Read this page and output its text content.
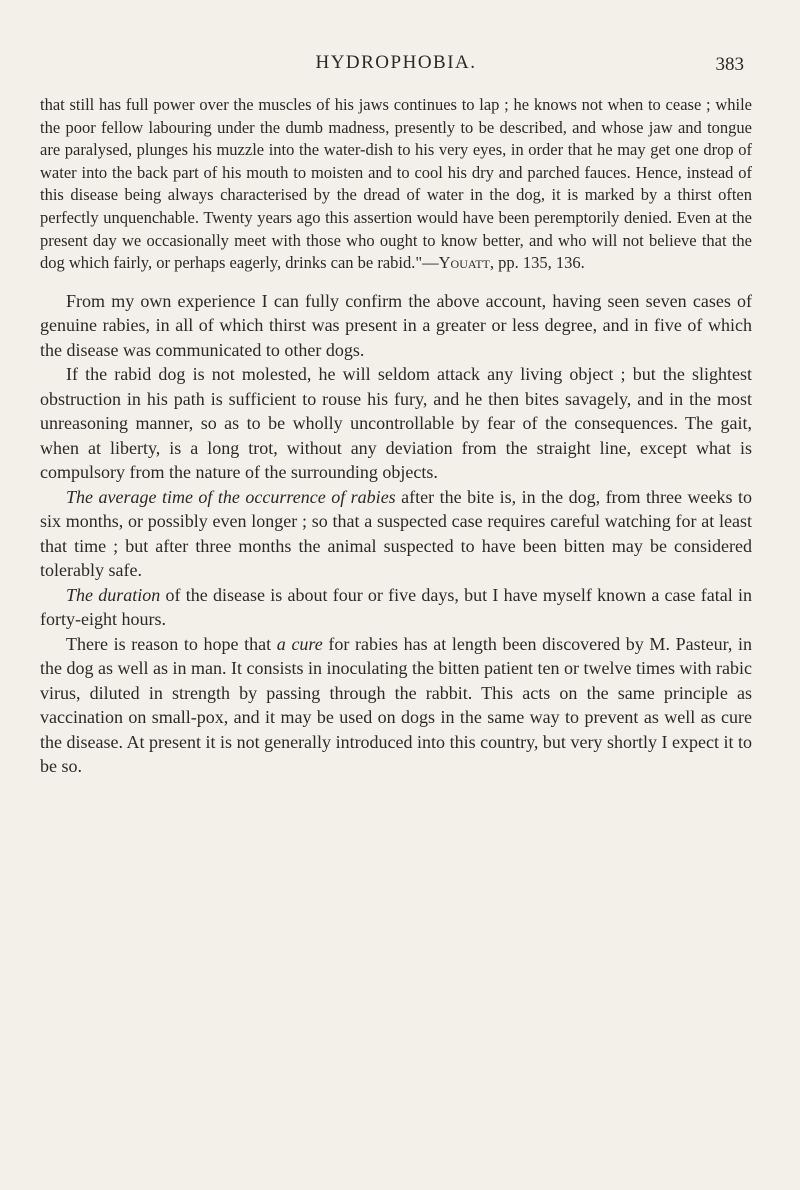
HYDROPHOBIA.	383

that still has full power over the muscles of his jaws continues to lap ; he knows not when to cease ; while the poor fellow labouring under the dumb madness, presently to be described, and whose jaw and tongue are paralysed, plunges his muzzle into the water-dish to his very eyes, in order that he may get one drop of water into the back part of his mouth to moisten and to cool his dry and parched fauces. Hence, instead of this disease being always characterised by the dread of water in the dog, it is marked by a thirst often perfectly unquenchable. Twenty years ago this assertion would have been peremptorily denied. Even at the present day we occasionally meet with those who ought to know better, and who will not believe that the dog which fairly, or perhaps eagerly, drinks can be rabid."—Youatt, pp. 135, 136.

From my own experience I can fully confirm the above account, having seen seven cases of genuine rabies, in all of which thirst was present in a greater or less degree, and in five of which the disease was communicated to other dogs.

If the rabid dog is not molested, he will seldom attack any living object ; but the slightest obstruction in his path is sufficient to rouse his fury, and he then bites savagely, and in the most unreasoning manner, so as to be wholly uncontrollable by fear of the consequences. The gait, when at liberty, is a long trot, without any deviation from the straight line, except what is compulsory from the nature of the surrounding objects.

The average time of the occurrence of rabies after the bite is, in the dog, from three weeks to six months, or possibly even longer ; so that a suspected case requires careful watching for at least that time ; but after three months the animal suspected to have been bitten may be considered tolerably safe.

The duration of the disease is about four or five days, but I have myself known a case fatal in forty-eight hours.

There is reason to hope that a cure for rabies has at length been discovered by M. Pasteur, in the dog as well as in man. It consists in inoculating the bitten patient ten or twelve times with rabic virus, diluted in strength by passing through the rabbit. This acts on the same principle as vaccination on small-pox, and it may be used on dogs in the same way to prevent as well as cure the disease. At present it is not generally introduced into this country, but very shortly I expect it to be so.
